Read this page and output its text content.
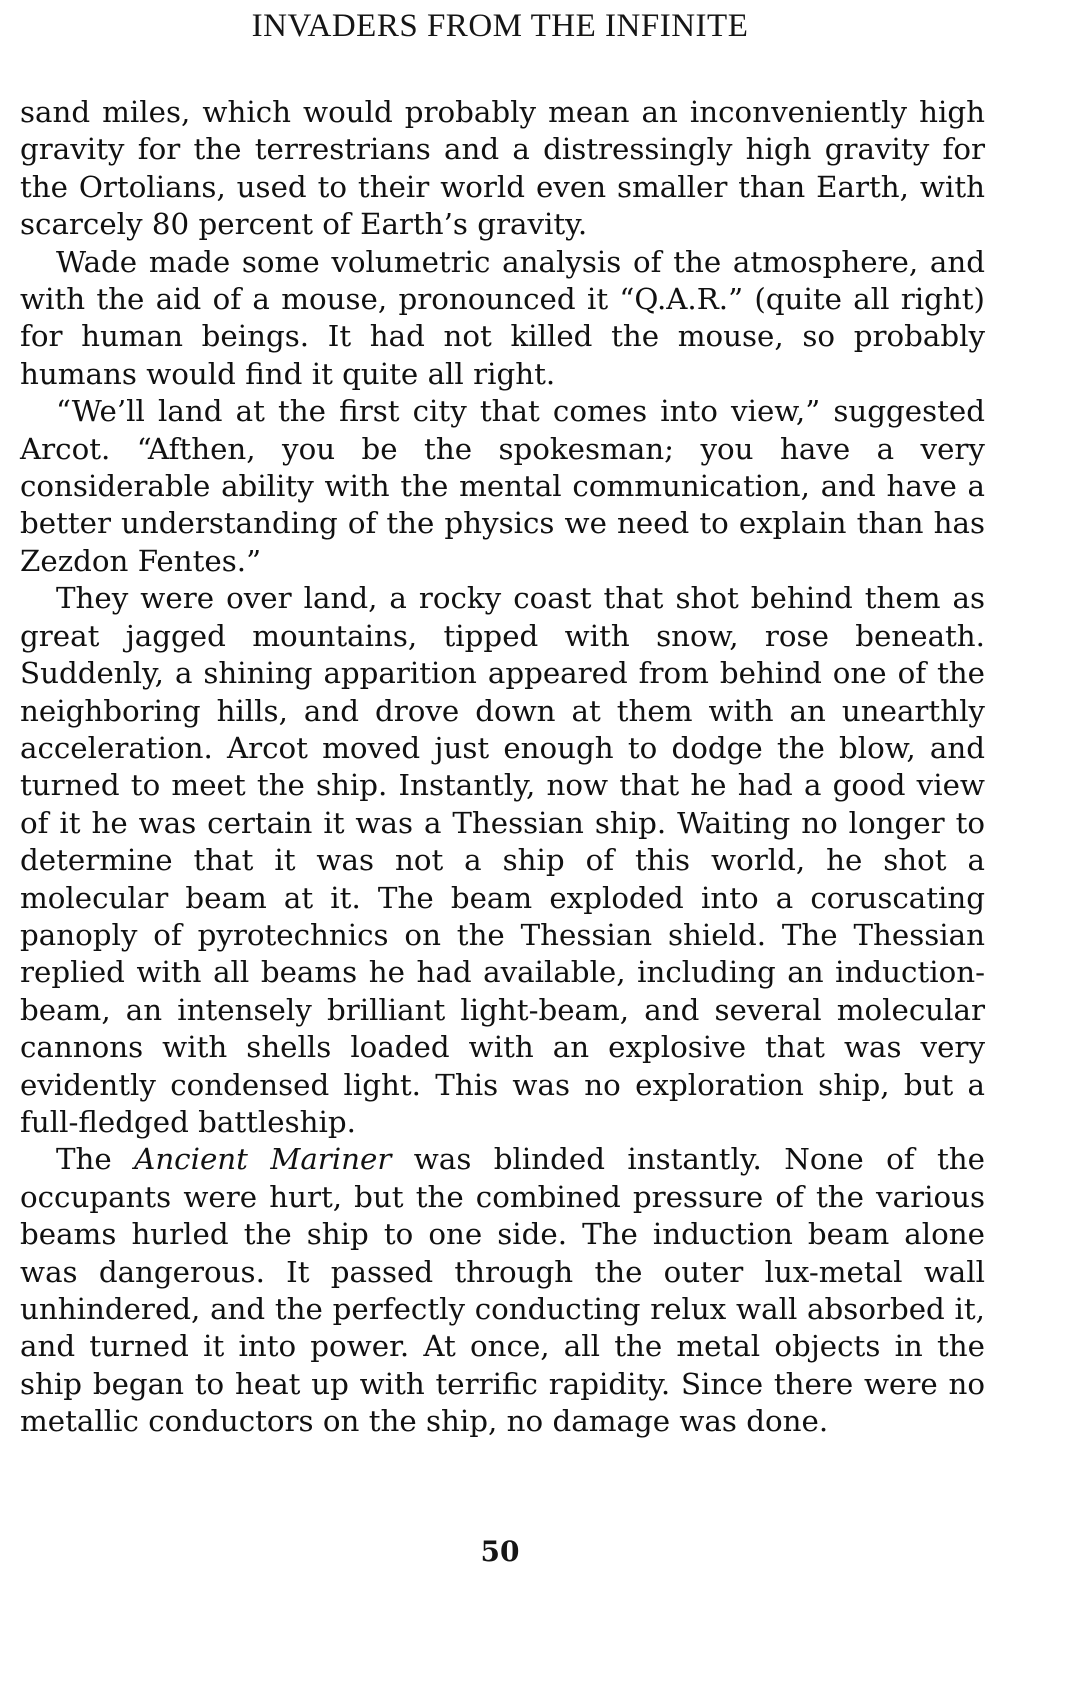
INVADERS FROM THE INFINITE

sand miles, which would probably mean an inconveniently high gravity for the terrestrians and a distressingly high gravity for the Ortolians, used to their world even smaller than Earth, with scarcely 80 percent of Earth’s gravity.

Wade made some volumetric analysis of the atmosphere, and with the aid of a mouse, pronounced it “Q.A.R.” (quite all right) for human beings. It had not killed the mouse, so probably humans would find it quite all right.

“We’ll land at the first city that comes into view,” suggested Arcot. “Afthen, you be the spokesman; you have a very considerable ability with the mental communication, and have a better understanding of the physics we need to explain than has Zezdon Fentes.”

They were over land, a rocky coast that shot behind them as great jagged mountains, tipped with snow, rose beneath. Suddenly, a shining apparition appeared from behind one of the neighboring hills, and drove down at them with an unearthly acceleration. Arcot moved just enough to dodge the blow, and turned to meet the ship. Instantly, now that he had a good view of it he was certain it was a Thessian ship. Waiting no longer to determine that it was not a ship of this world, he shot a molecular beam at it. The beam exploded into a coruscating panoply of pyrotechnics on the Thessian shield. The Thessian replied with all beams he had available, including an induction-beam, an intensely brilliant light-beam, and several molecular cannons with shells loaded with an explosive that was very evidently condensed light. This was no exploration ship, but a full-fledged battleship.

The Ancient Mariner was blinded instantly. None of the occupants were hurt, but the combined pressure of the various beams hurled the ship to one side. The induction beam alone was dangerous. It passed through the outer lux-metal wall unhindered, and the perfectly conducting relux wall absorbed it, and turned it into power. At once, all the metal objects in the ship began to heat up with terrific rapidity. Since there were no metallic conductors on the ship, no damage was done.

50
